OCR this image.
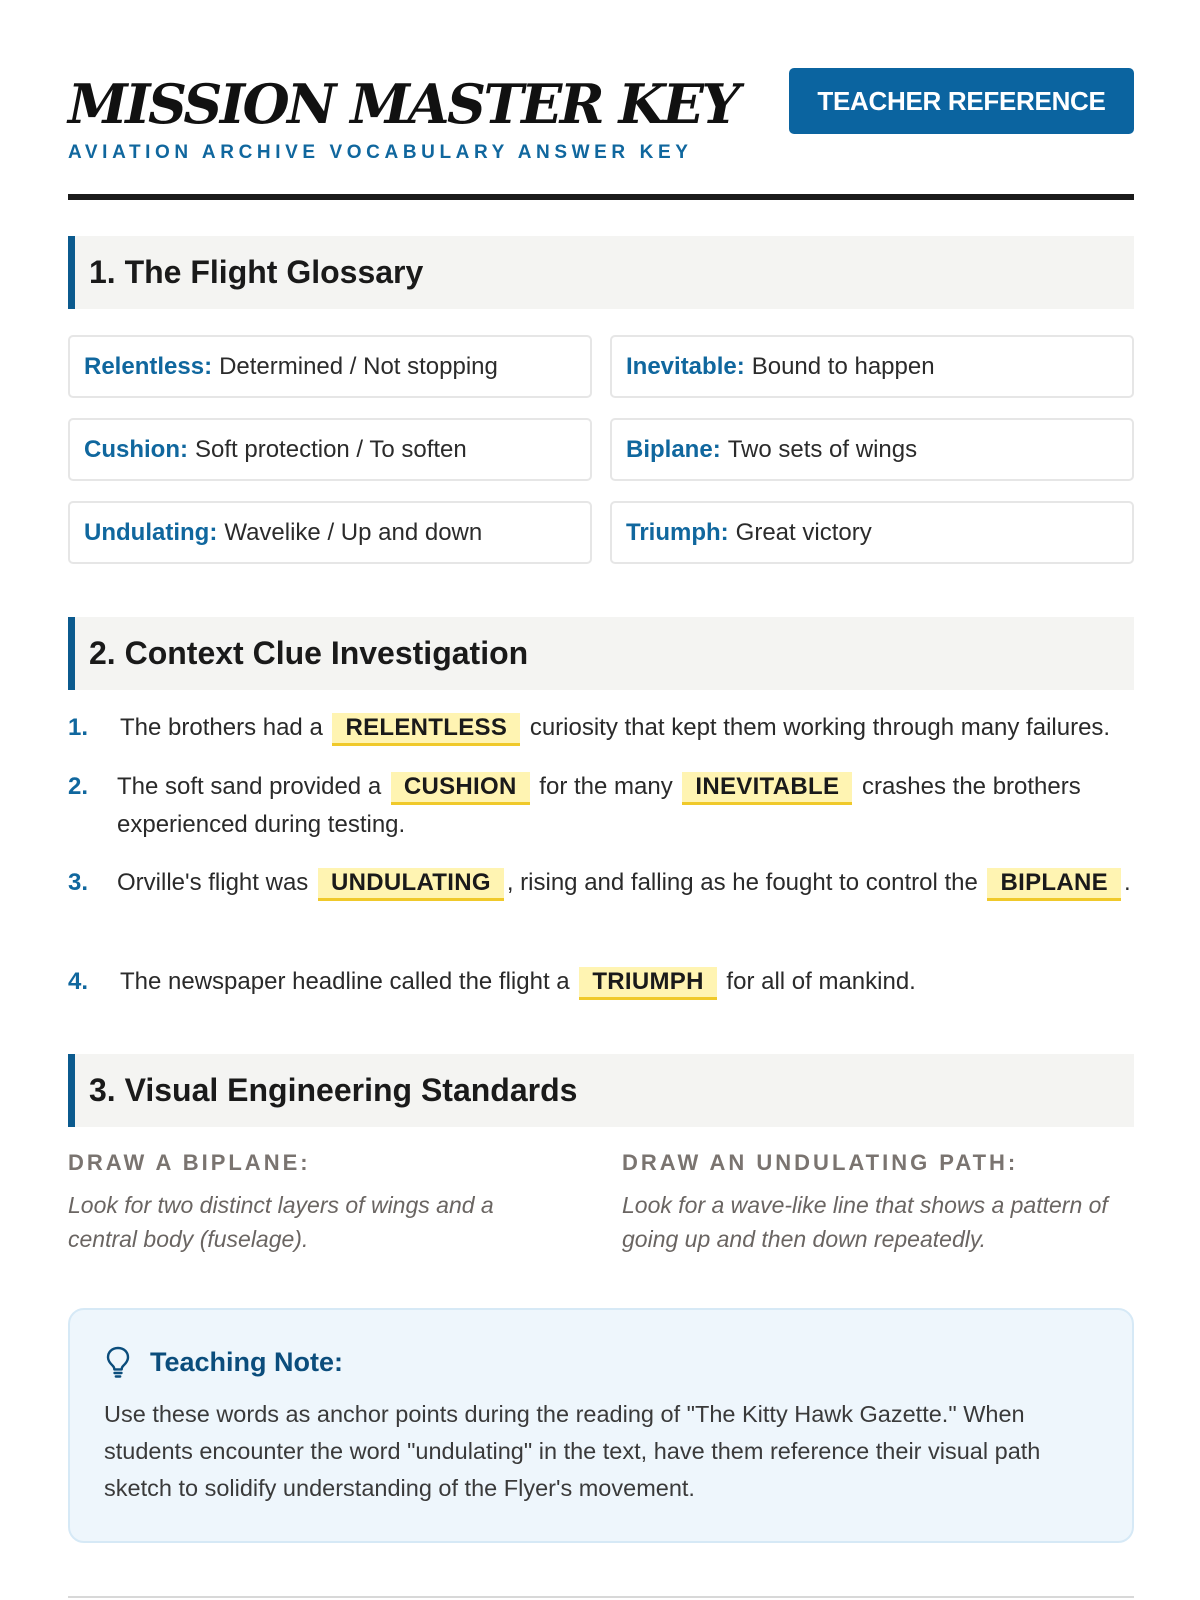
MISSION MASTER KEY
AVIATION ARCHIVE VOCABULARY ANSWER KEY
TEACHER REFERENCE
1. The Flight Glossary
Relentless : Determined / Not stopping	Inevitable : Bound to happen
Cushion : Soft protection / To soften	Biplane : Two sets of wings
Undulating : Wavelike / Up and down	Triumph : Great victory
2. Context Clue Investigation
1. The brothers had a RELENTLESS curiosity that kept them working through many failures.
2. The soft sand provided a CUSHION for the many INEVITABLE crashes the brothers experienced during testing.
3. Orville's flight was UNDULATING , rising and falling as he fought to control the BIPLANE .
4. The newspaper headline called the flight a TRIUMPH for all of mankind.
3. Visual Engineering Standards
DRAW A BIPLANE:
Look for two distinct layers of wings and a central body (fuselage).
DRAW AN UNDULATING PATH:
Look for a wave-like line that shows a pattern of going up and then down repeatedly.
Teaching Note:
Use these words as anchor points during the reading of "The Kitty Hawk Gazette." When students encounter the word "undulating" in the text, have them reference their visual path sketch to solidify understanding of the Flyer's movement.
